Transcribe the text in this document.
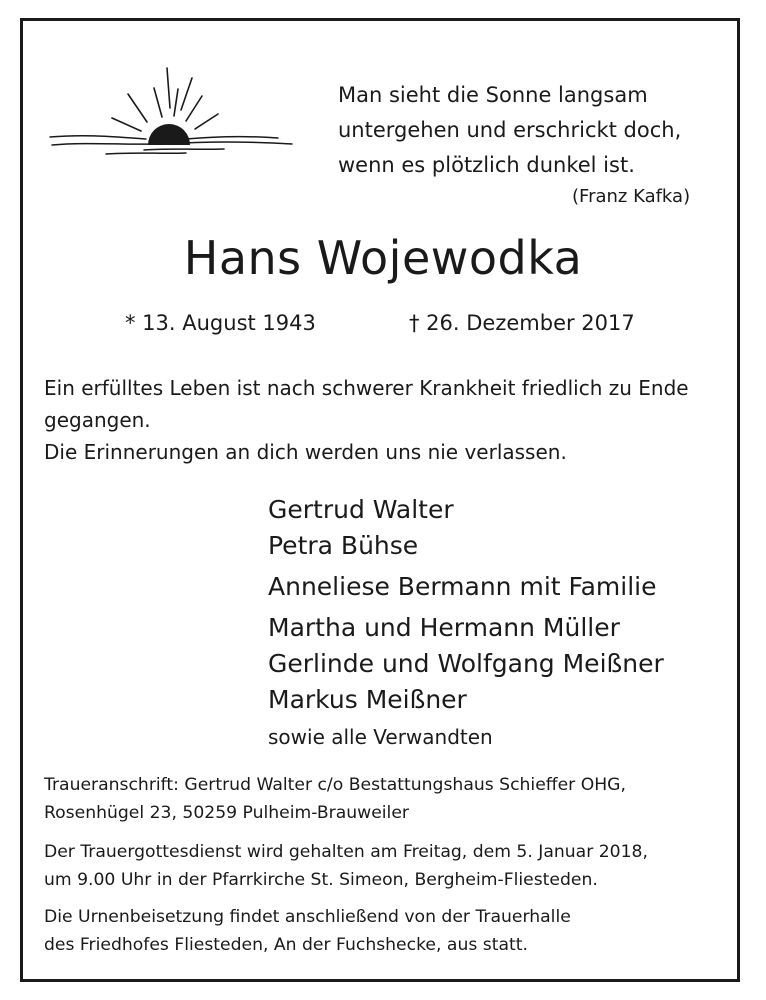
Man sieht die Sonne langsam
untergehen und erschrickt doch,
wenn es plötzlich dunkel ist.
(Franz Kafka)
Hans Wojewodka
* 13. August 1943	† 26. Dezember 2017

Ein erfülltes Leben ist nach schwerer Krankheit friedlich zu Ende gegangen.

Die Erinnerungen an dich werden uns nie verlassen.

Gertrud Walter
Petra Bühse
Anneliese Bermann mit Familie
Martha und Hermann Müller
Gerlinde und Wolfgang Meißner
Markus Meißner
sowie alle Verwandten

Traueranschrift: Gertrud Walter c/o Bestattungshaus Schieffer OHG,

Rosenhügel 23, 50259 Pulheim-Brauweiler

Der Trauergottesdienst wird gehalten am Freitag, dem 5. Januar 2018,

um 9.00 Uhr in der Pfarrkirche St. Simeon, Bergheim-Fliesteden.

Die Urnenbeisetzung findet anschließend von der Trauerhalle

des Friedhofes Fliesteden, An der Fuchshecke, aus statt.
